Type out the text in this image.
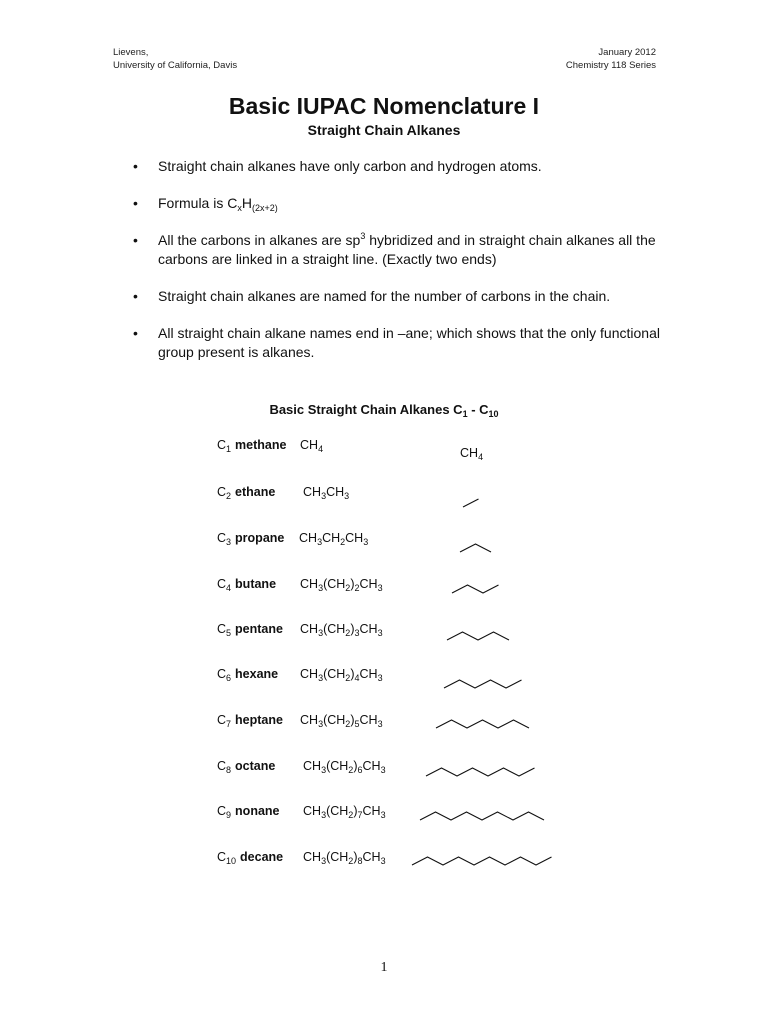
Lievens,
University of California, Davis
January 2012
Chemistry 118 Series
Basic IUPAC Nomenclature I
Straight Chain Alkanes
• Straight chain alkanes have only carbon and hydrogen atoms.
• Formula is $C_xH_{(2x+2)}$
• All the carbons in alkanes are $sp^3$ hybridized and in straight chain alkanes all the carbons are linked in a straight line. (Exactly two ends)
• Straight chain alkanes are named for the number of carbons in the chain.
• All straight chain alkane names end in –ane; which shows that the only functional group present is alkanes.
Basic Straight Chain Alkanes $C_1 - C_{10}$
$C_1$ methane $CH_4$	$CH_4$
$C_2$ ethane $CH_3CH_3$
$C_3$ propane $CH_3CH_2CH_3$
$C_4$ butane $CH_3(CH_2)_2CH_3$
$C_5$ pentane $CH_3(CH_2)_3CH_3$
$C_6$ hexane $CH_3(CH_2)_4CH_3$
$C_7$ heptane $CH_3(CH_2)_5CH_3$
$C_8$ octane $CH_3(CH_2)_6CH_3$
$C_9$ nonane $CH_3(CH_2)_7CH_3$
$C_{10}$ decane $CH_3(CH_2)_8CH_3$
1
